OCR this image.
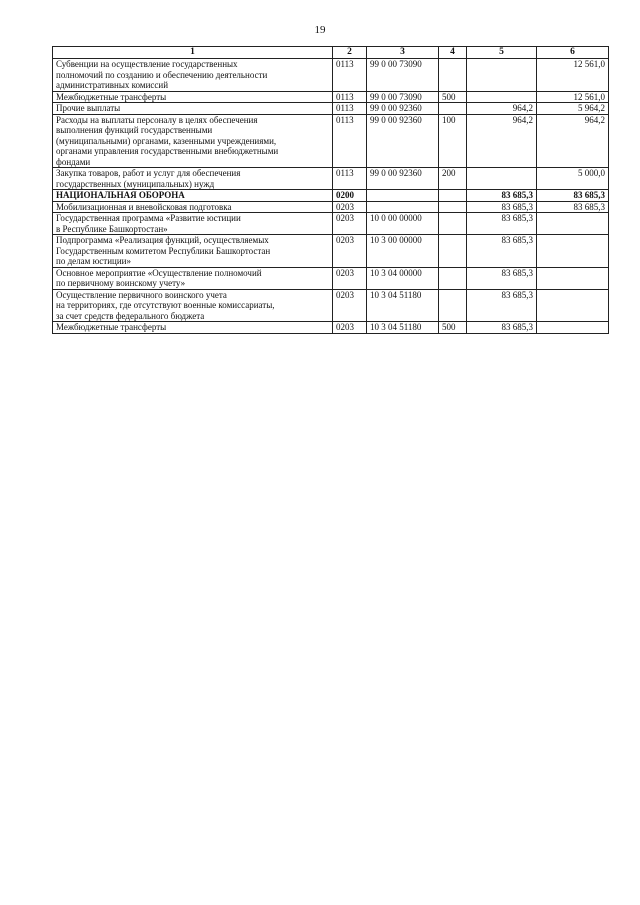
19
1	2	3	4	5	6
Субвенции на осуществление государственных
полномочий по созданию и обеспечению деятельности
административных комиссий	0113	99 0 00 73090			12 561,0
Межбюджетные трансферты	0113	99 0 00 73090	500		12 561,0
Прочие выплаты	0113	99 0 00 92360		964,2	5 964,2
Расходы на выплаты персоналу в целях обеспечения
выполнения функций государственными
(муниципальными) органами, казенными учреждениями,
органами управления государственными внебюджетными
фондами	0113	99 0 00 92360	100	964,2	964,2
Закупка товаров, работ и услуг для обеспечения
государственных (муниципальных) нужд	0113	99 0 00 92360	200		5 000,0
НАЦИОНАЛЬНАЯ ОБОРОНА	0200			83 685,3	83 685,3
Мобилизационная и вневойсковая подготовка	0203			83 685,3	83 685,3
Государственная программа «Развитие юстиции
в Республике Башкортостан»	0203	10 0 00 00000		83 685,3	
Подпрограмма «Реализация функций, осуществляемых
Государственным комитетом Республики Башкортостан
по делам юстиции»	0203	10 3 00 00000		83 685,3	
Основное мероприятие «Осуществление полномочий
по первичному воинскому учету»	0203	10 3 04 00000		83 685,3	
Осуществление первичного воинского учета
на территориях, где отсутствуют военные комиссариаты,
за счет средств федерального бюджета	0203	10 3 04 51180		83 685,3	
Межбюджетные трансферты	0203	10 3 04 51180	500	83 685,3	
